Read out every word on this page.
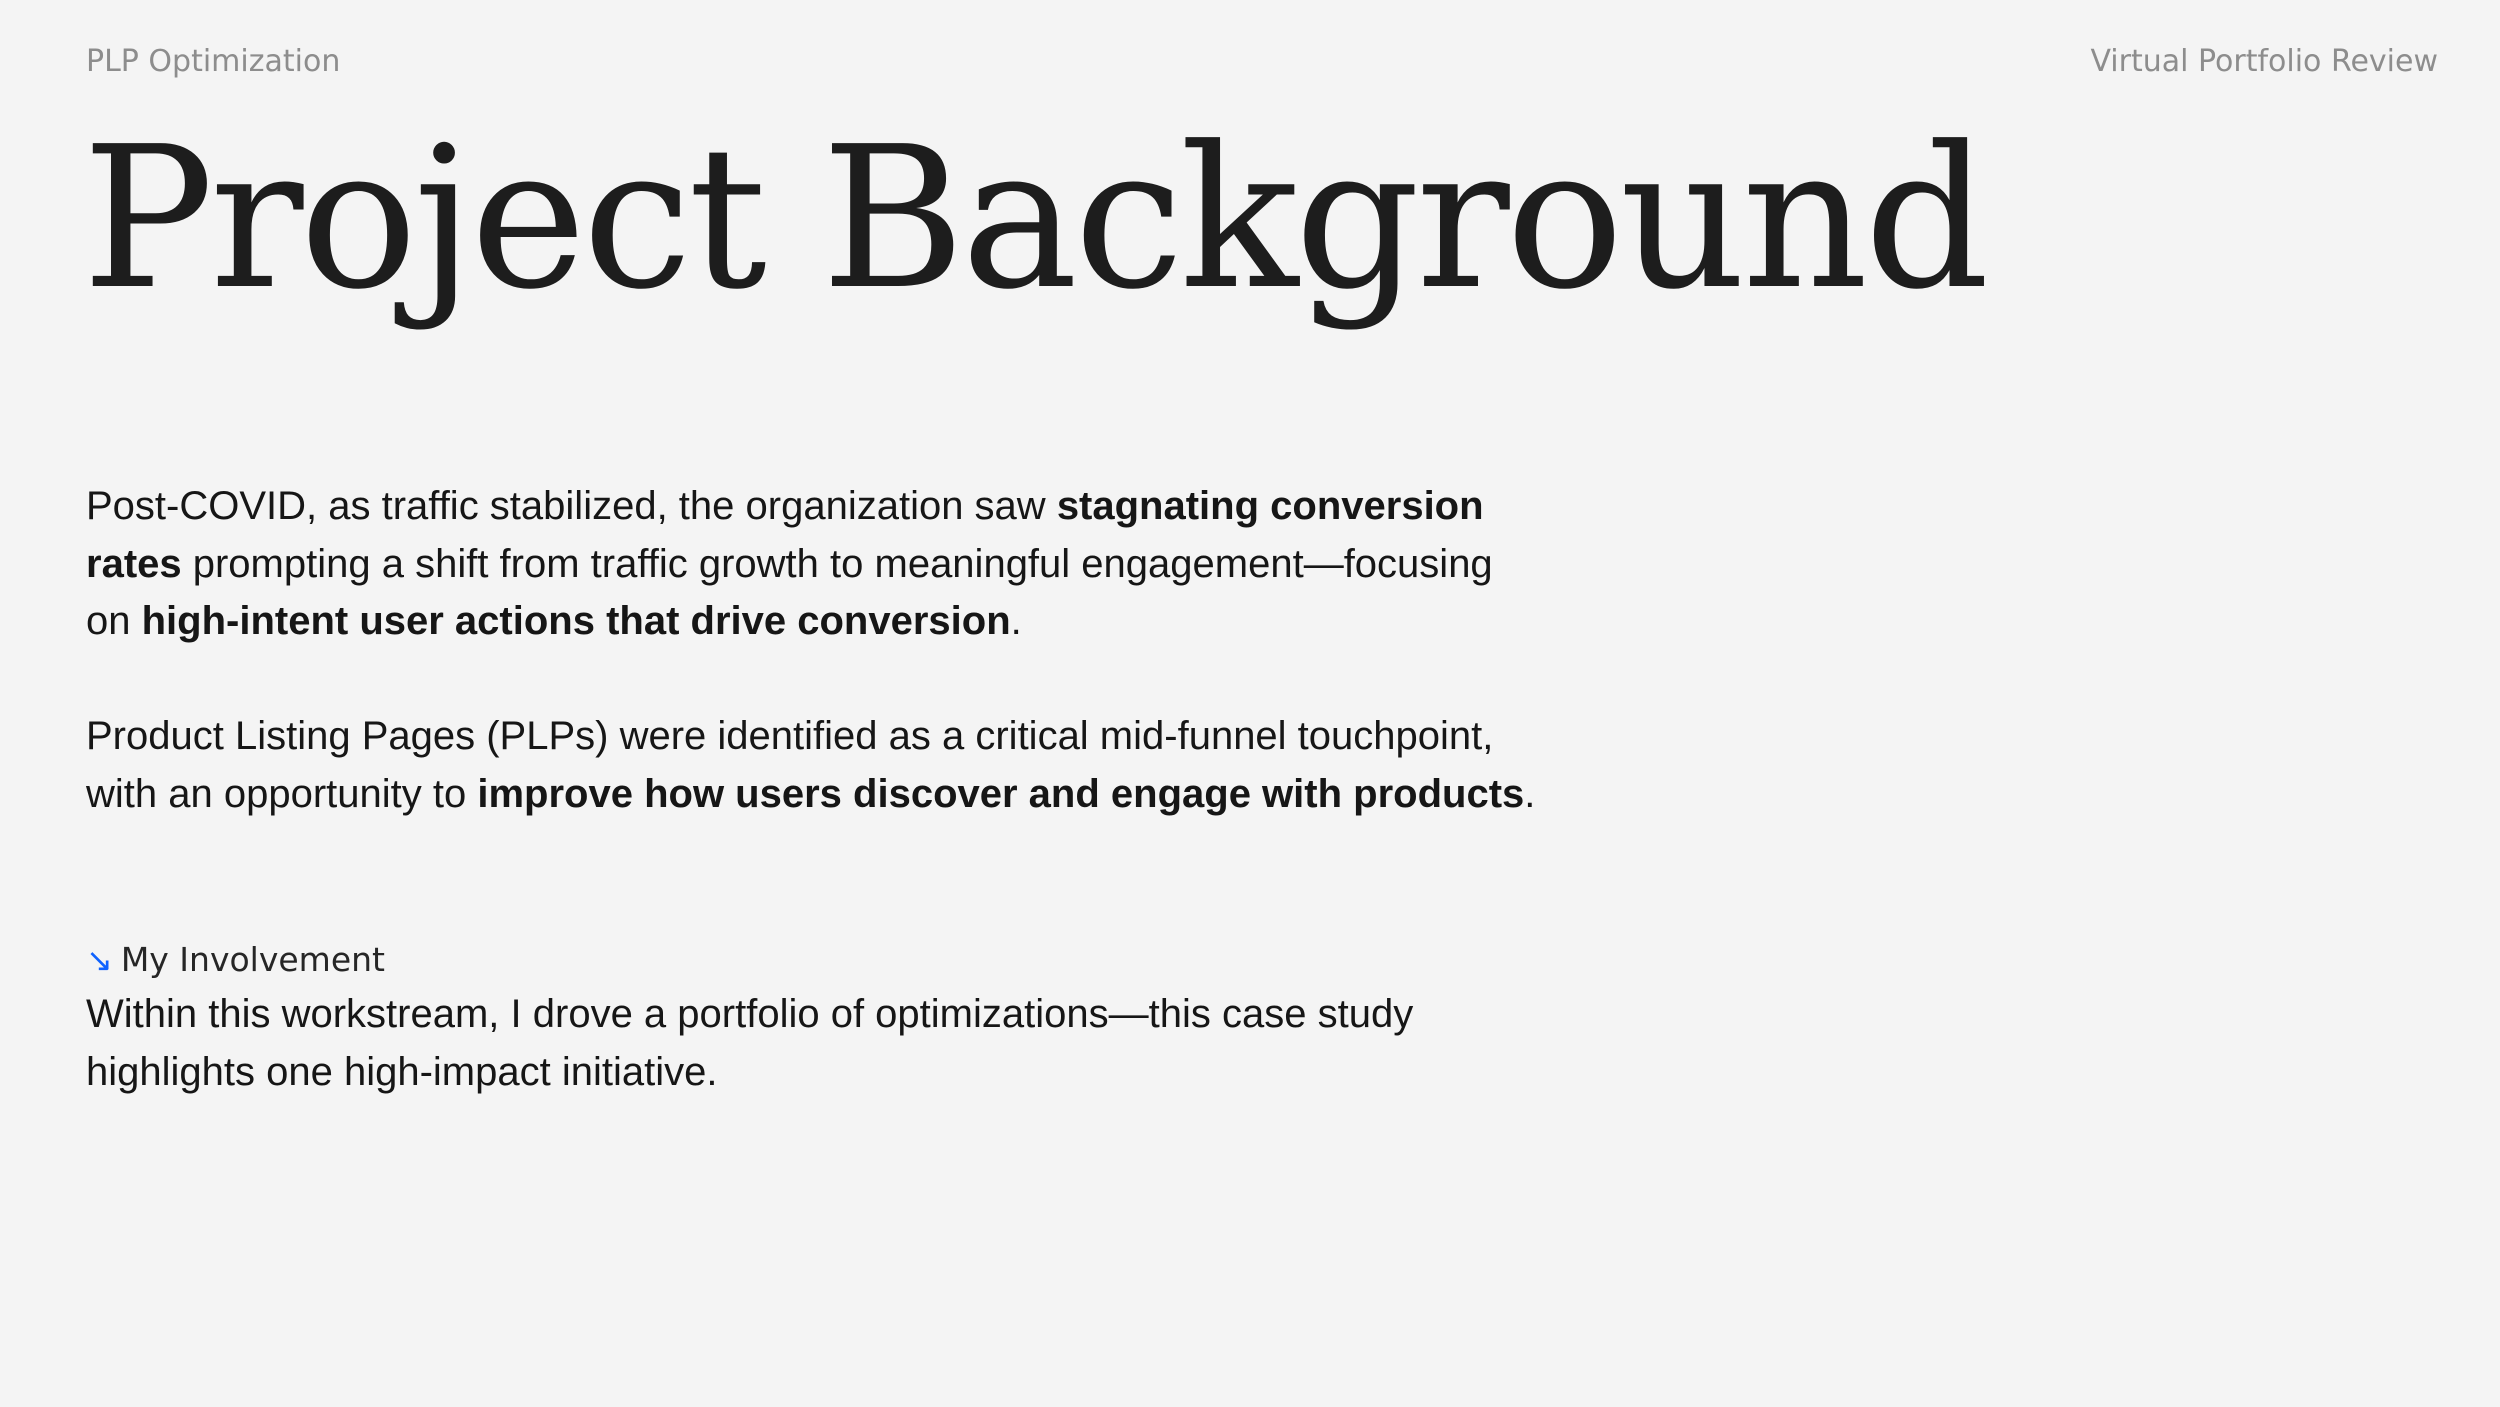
PLP Optimization	Virtual Portfolio Review
Project Background

Post-COVID, as traffic stabilized, the organization saw stagnating conversion rates prompting a shift from traffic growth to meaningful engagement—focusing on high-intent user actions that drive conversion.

Product Listing Pages (PLPs) were identified as a critical mid-funnel touchpoint, with an opportunity to improve how users discover and engage with products.

↘ My Involvement

Within this workstream, I drove a portfolio of optimizations—this case study highlights one high-impact initiative.
